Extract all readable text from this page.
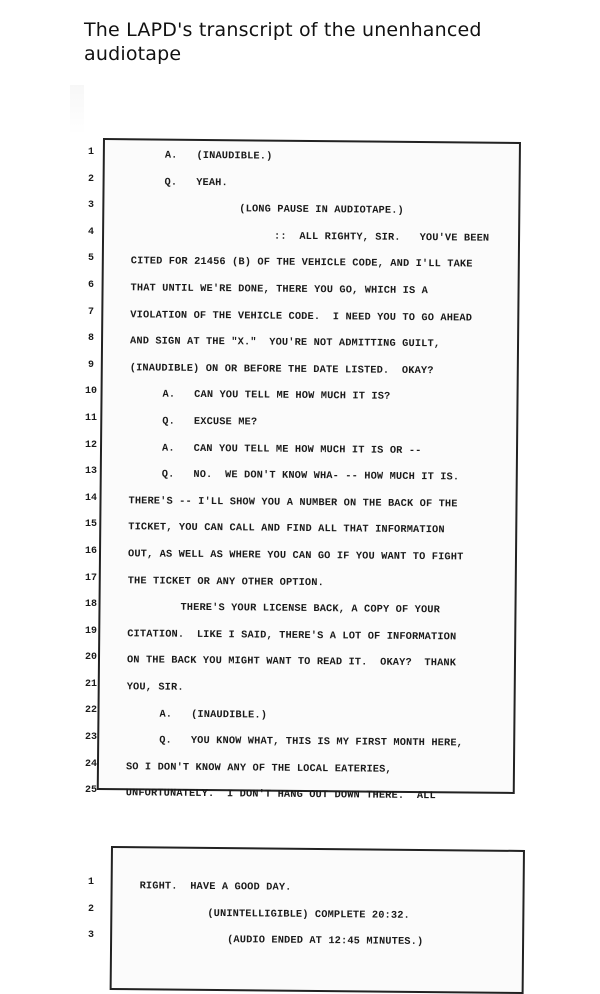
The LAPD's transcript of the unenhanced
audiotape
1
2
3
4
5
6
7
8
9
10
11
12
13
14
15
16
17
18
19
20
21
22
23
24
25
A.   (INAUDIBLE.)
Q.   YEAH.
(LONG PAUSE IN AUDIOTAPE.)
::  ALL RIGHTY, SIR.   YOU'VE BEEN
CITED FOR 21456 (B) OF THE VEHICLE CODE, AND I'LL TAKE
THAT UNTIL WE'RE DONE, THERE YOU GO, WHICH IS A
VIOLATION OF THE VEHICLE CODE.  I NEED YOU TO GO AHEAD
AND SIGN AT THE "X."  YOU'RE NOT ADMITTING GUILT,
(INAUDIBLE) ON OR BEFORE THE DATE LISTED.  OKAY?
A.   CAN YOU TELL ME HOW MUCH IT IS?
Q.   EXCUSE ME?
A.   CAN YOU TELL ME HOW MUCH IT IS OR --
Q.   NO.  WE DON'T KNOW WHA- -- HOW MUCH IT IS.
THERE'S -- I'LL SHOW YOU A NUMBER ON THE BACK OF THE
TICKET, YOU CAN CALL AND FIND ALL THAT INFORMATION
OUT, AS WELL AS WHERE YOU CAN GO IF YOU WANT TO FIGHT
THE TICKET OR ANY OTHER OPTION.
THERE'S YOUR LICENSE BACK, A COPY OF YOUR
CITATION.  LIKE I SAID, THERE'S A LOT OF INFORMATION
ON THE BACK YOU MIGHT WANT TO READ IT.  OKAY?  THANK
YOU, SIR.
A.   (INAUDIBLE.)
Q.   YOU KNOW WHAT, THIS IS MY FIRST MONTH HERE,
SO I DON'T KNOW ANY OF THE LOCAL EATERIES,
UNFORTUNATELY.  I DON'T HANG OUT DOWN THERE.  ALL
1
2
3
RIGHT.  HAVE A GOOD DAY.
(UNINTELLIGIBLE) COMPLETE 20:32.
(AUDIO ENDED AT 12:45 MINUTES.)
